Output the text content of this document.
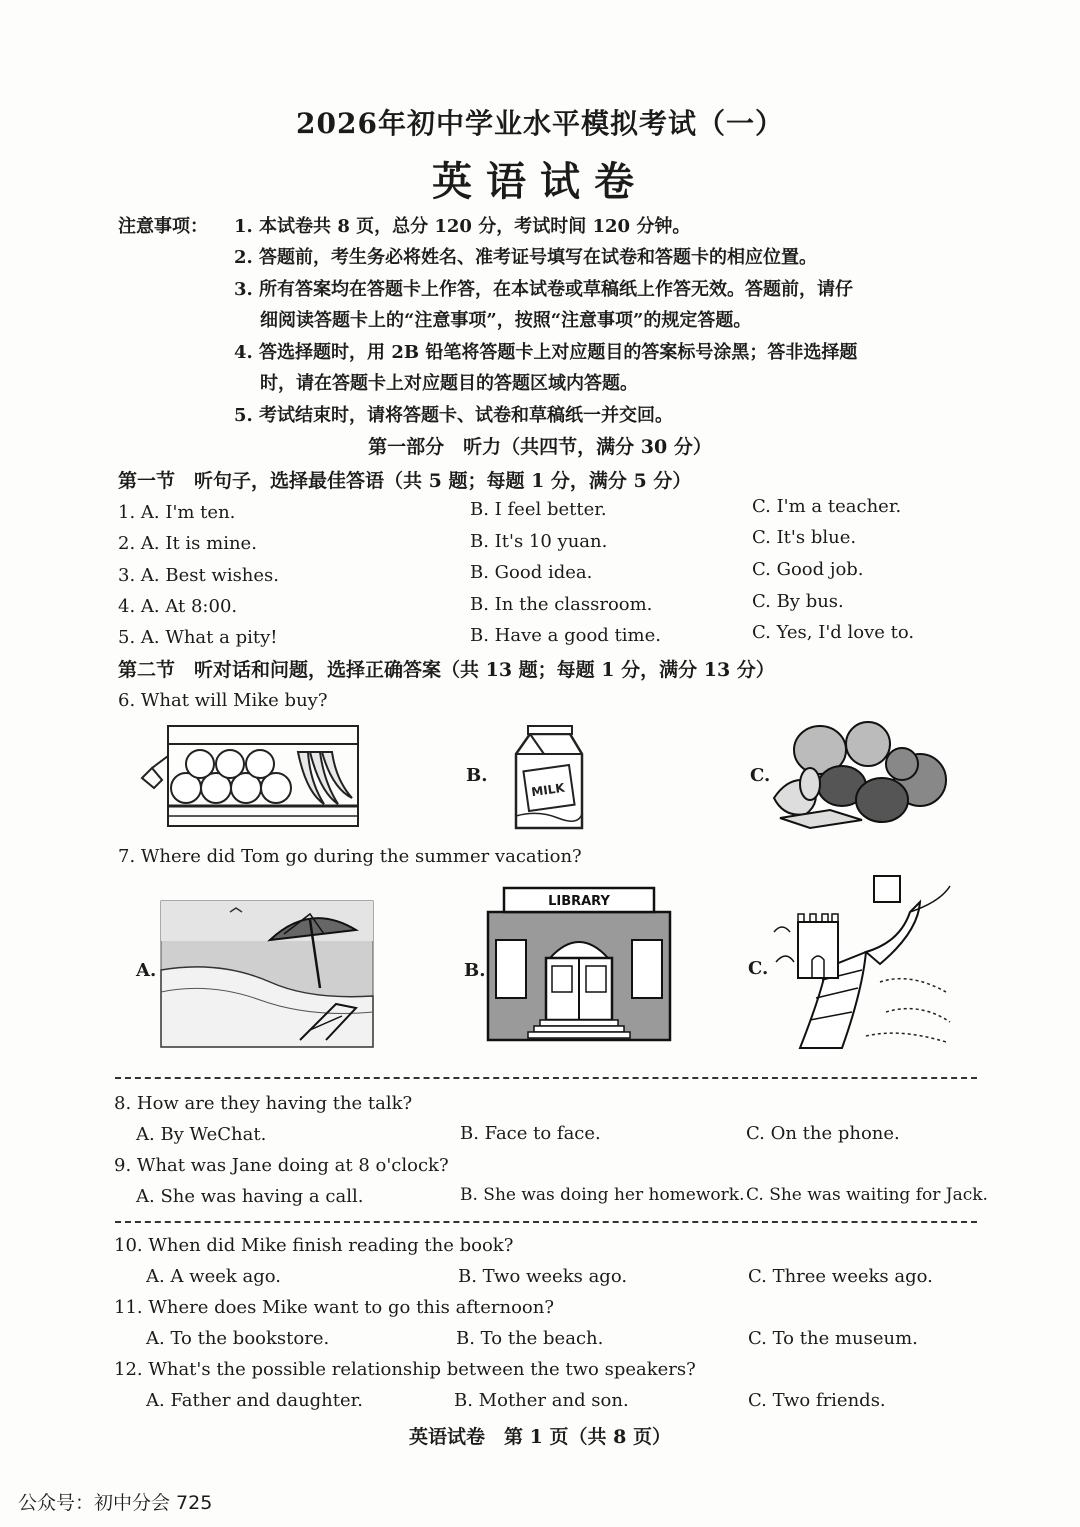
2026年初中学业水平模拟考试（一）
英语试卷
注意事项： 1. 本试卷共 8 页，总分 120 分，考试时间 120 分钟。
2. 答题前，考生务必将姓名、准考证号填写在试卷和答题卡的相应位置。
3. 所有答案均在答题卡上作答，在本试卷或草稿纸上作答无效。答题前，请仔
细阅读答题卡上的“注意事项”，按照“注意事项”的规定答题。
4. 答选择题时，用 2B 铅笔将答题卡上对应题目的答案标号涂黑；答非选择题
时，请在答题卡上对应题目的答题区域内答题。
5. 考试结束时，请将答题卡、试卷和草稿纸一并交回。
第一部分　听力（共四节，满分 30 分）
第一节　听句子，选择最佳答语（共 5 题；每题 1 分，满分 5 分）
1. A. I'm ten.	B. I feel better.	C. I'm a teacher.
2. A. It is mine.	B. It's 10 yuan.	C. It's blue.
3. A. Best wishes.	B. Good idea.	C. Good job.
4. A. At 8:00.	B. In the classroom.	C. By bus.
5. A. What a pity!	B. Have a good time.	C. Yes, I'd love to.
第二节　听对话和问题，选择正确答案（共 13 题；每题 1 分，满分 13 分）
6. What will Mike buy?
B.
MILK
C.
7. Where did Tom go during the summer vacation?
A.	B.
LIBRARY
C.
8. How are they having the talk?
A. By WeChat.	B. Face to face.	C. On the phone.
9. What was Jane doing at 8 o'clock?
A. She was having a call.	B. She was doing her homework. C. She was waiting for Jack.
10. When did Mike finish reading the book?
A. A week ago.	B. Two weeks ago.	C. Three weeks ago.
11. Where does Mike want to go this afternoon?
A. To the bookstore.	B. To the beach.	C. To the museum.
12. What's the possible relationship between the two speakers?
A. Father and daughter.	B. Mother and son.	C. Two friends.
英语试卷　第 1 页（共 8 页）
公众号：初中分会 725
